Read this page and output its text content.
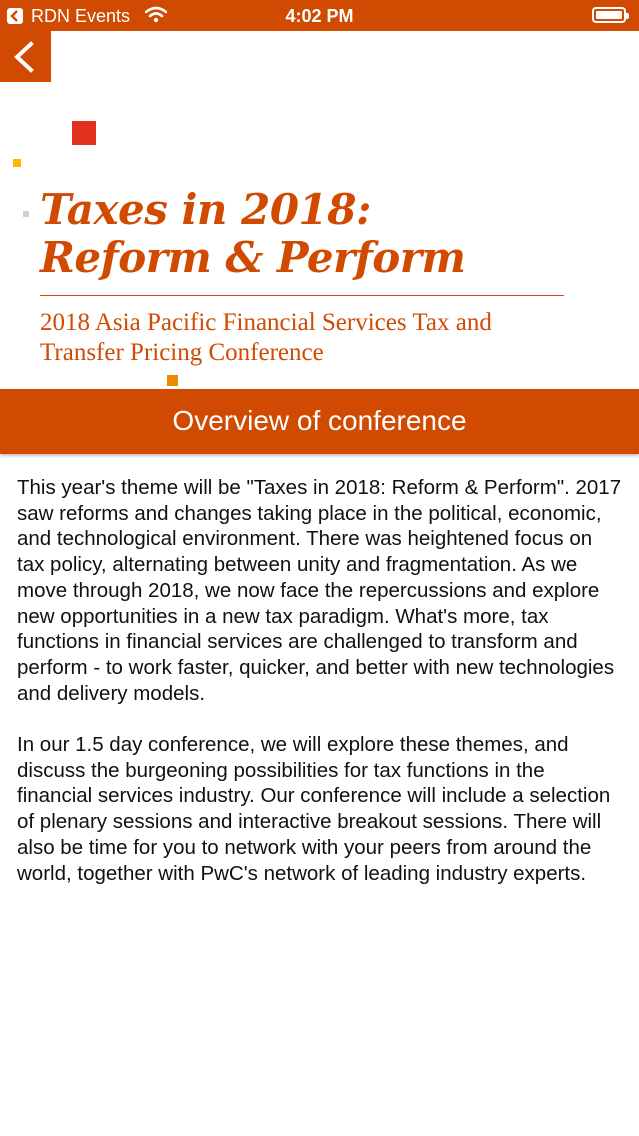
RDN Events	4:02 PM
Taxes in 2018:
Reform & Perform

2018 Asia Pacific Financial Services Tax and
Transfer Pricing Conference

Overview of conference

This year's theme will be "Taxes in 2018: Reform & Perform". 2017 saw reforms and changes taking place in the political, economic, and technological environment. There was heightened focus on tax policy, alternating between unity and fragmentation. As we move through 2018, we now face the repercussions and explore new opportunities in a new tax paradigm. What's more, tax functions in financial services are challenged to transform and perform - to work faster, quicker, and better with new technologies and delivery models.

In our 1.5 day conference, we will explore these themes, and discuss the burgeoning possibilities for tax functions in the financial services industry. Our conference will include a selection of plenary sessions and interactive breakout sessions. There will also be time for you to network with your peers from around the world, together with PwC's network of leading industry experts.
